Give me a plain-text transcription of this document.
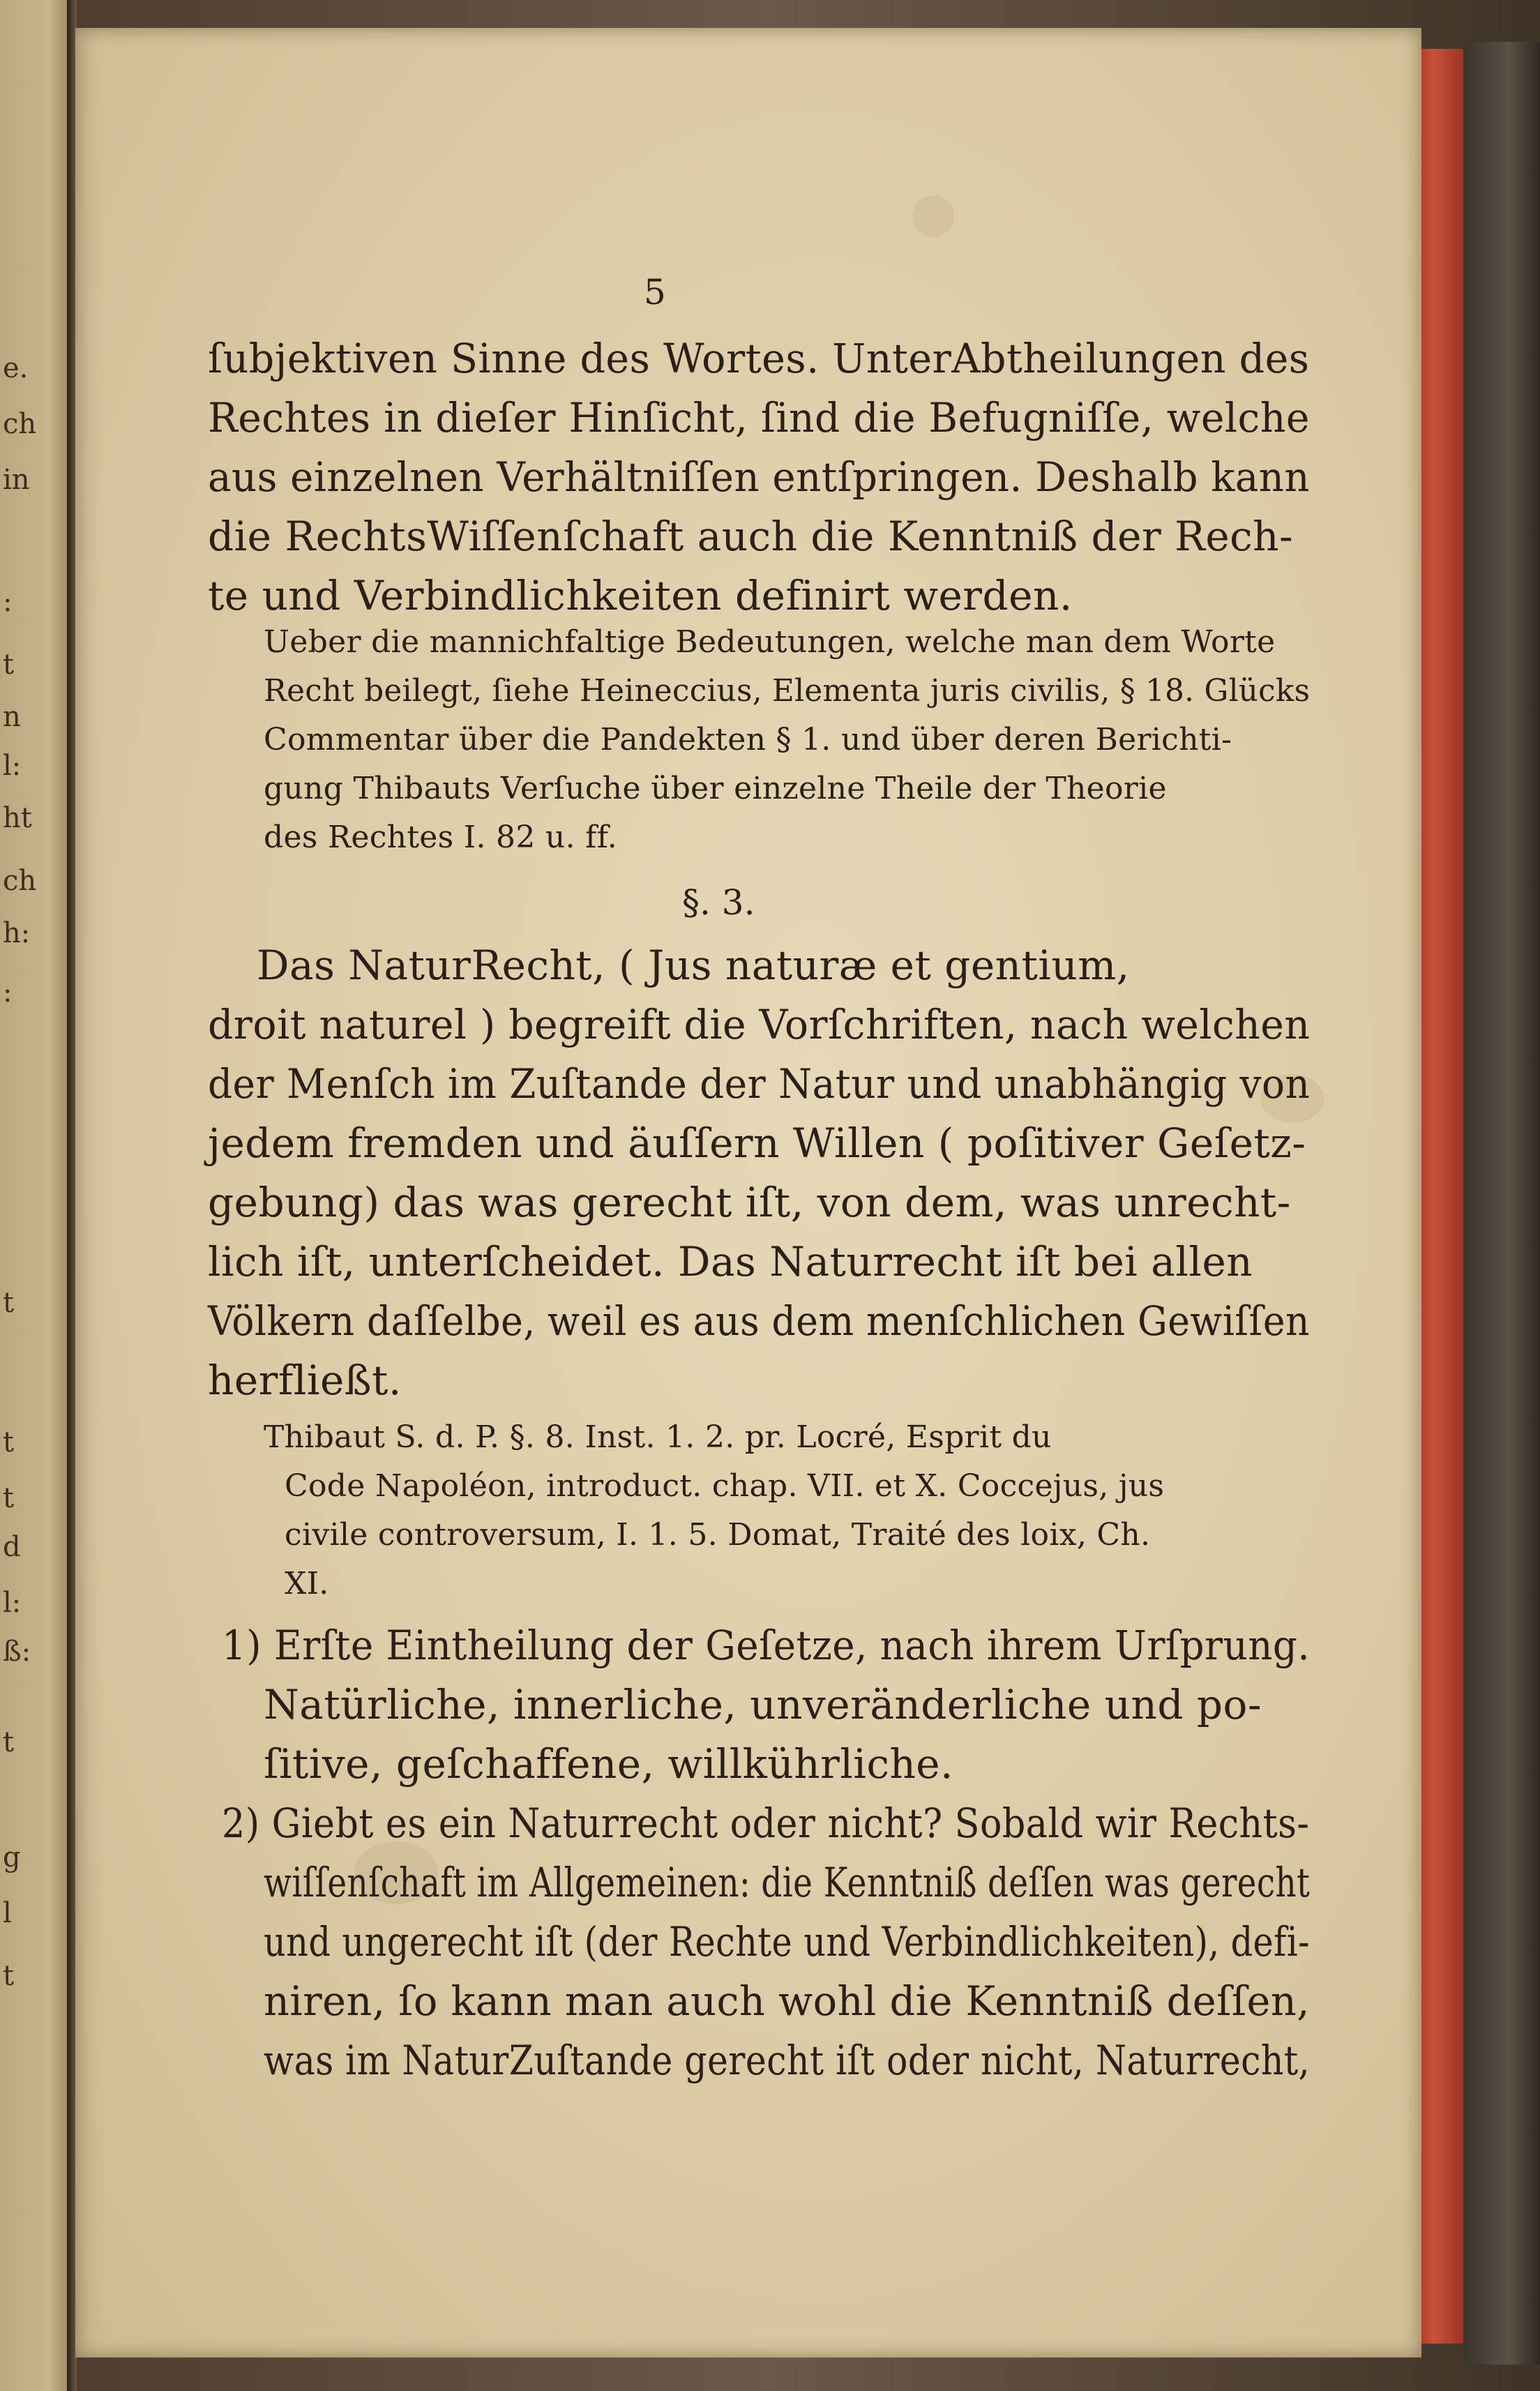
e.
ch
in
:
t
n
l:
ht
ch
h:
:
t
t
t
d
l:
ß:
t
g
l
t
5
ſubjektiven Sinne des Wortes. UnterAbtheilungen des
Rechtes in dieſer Hinſicht, ſind die Befugniſſe, welche
aus einzelnen Verhältniſſen entſpringen. Deshalb kann
die RechtsWiſſenſchaft auch die Kenntniß der Rech-
te und Verbindlichkeiten definirt werden.
Ueber die mannichfaltige Bedeutungen, welche man dem Worte
Recht beilegt, ſiehe Heineccius, Elementa juris civilis, § 18. Glücks
Commentar über die Pandekten § 1. und über deren Berichti-
gung Thibauts Verſuche über einzelne Theile der Theorie
des Rechtes I. 82 u. ff.
§. 3.
Das NaturRecht, ( Jus naturæ et gentium,
droit naturel ) begreift die Vorſchriften, nach welchen
der Menſch im Zuſtande der Natur und unabhängig von
jedem fremden und äuſſern Willen ( poſitiver Geſetz-
gebung) das was gerecht iſt, von dem, was unrecht-
lich iſt, unterſcheidet. Das Naturrecht iſt bei allen
Völkern daſſelbe, weil es aus dem menſchlichen Gewiſſen
herfließt.
Thibaut S. d. P. §. 8. Inst. 1. 2. pr. Locré, Esprit du
Code Napoléon, introduct. chap. VII. et X. Coccejus, jus
civile controversum, I. 1. 5. Domat, Traité des loix, Ch.
XI.
1) Erſte Eintheilung der Geſetze, nach ihrem Urſprung.
Natürliche, innerliche, unveränderliche und po-
ſitive, geſchaffene, willkührliche.
2) Giebt es ein Naturrecht oder nicht? Sobald wir Rechts-
wiſſenſchaft im Allgemeinen: die Kenntniß deſſen was gerecht
und ungerecht iſt (der Rechte und Verbindlichkeiten), defi-
niren, ſo kann man auch wohl die Kenntniß deſſen,
was im NaturZuſtande gerecht iſt oder nicht, Naturrecht,
